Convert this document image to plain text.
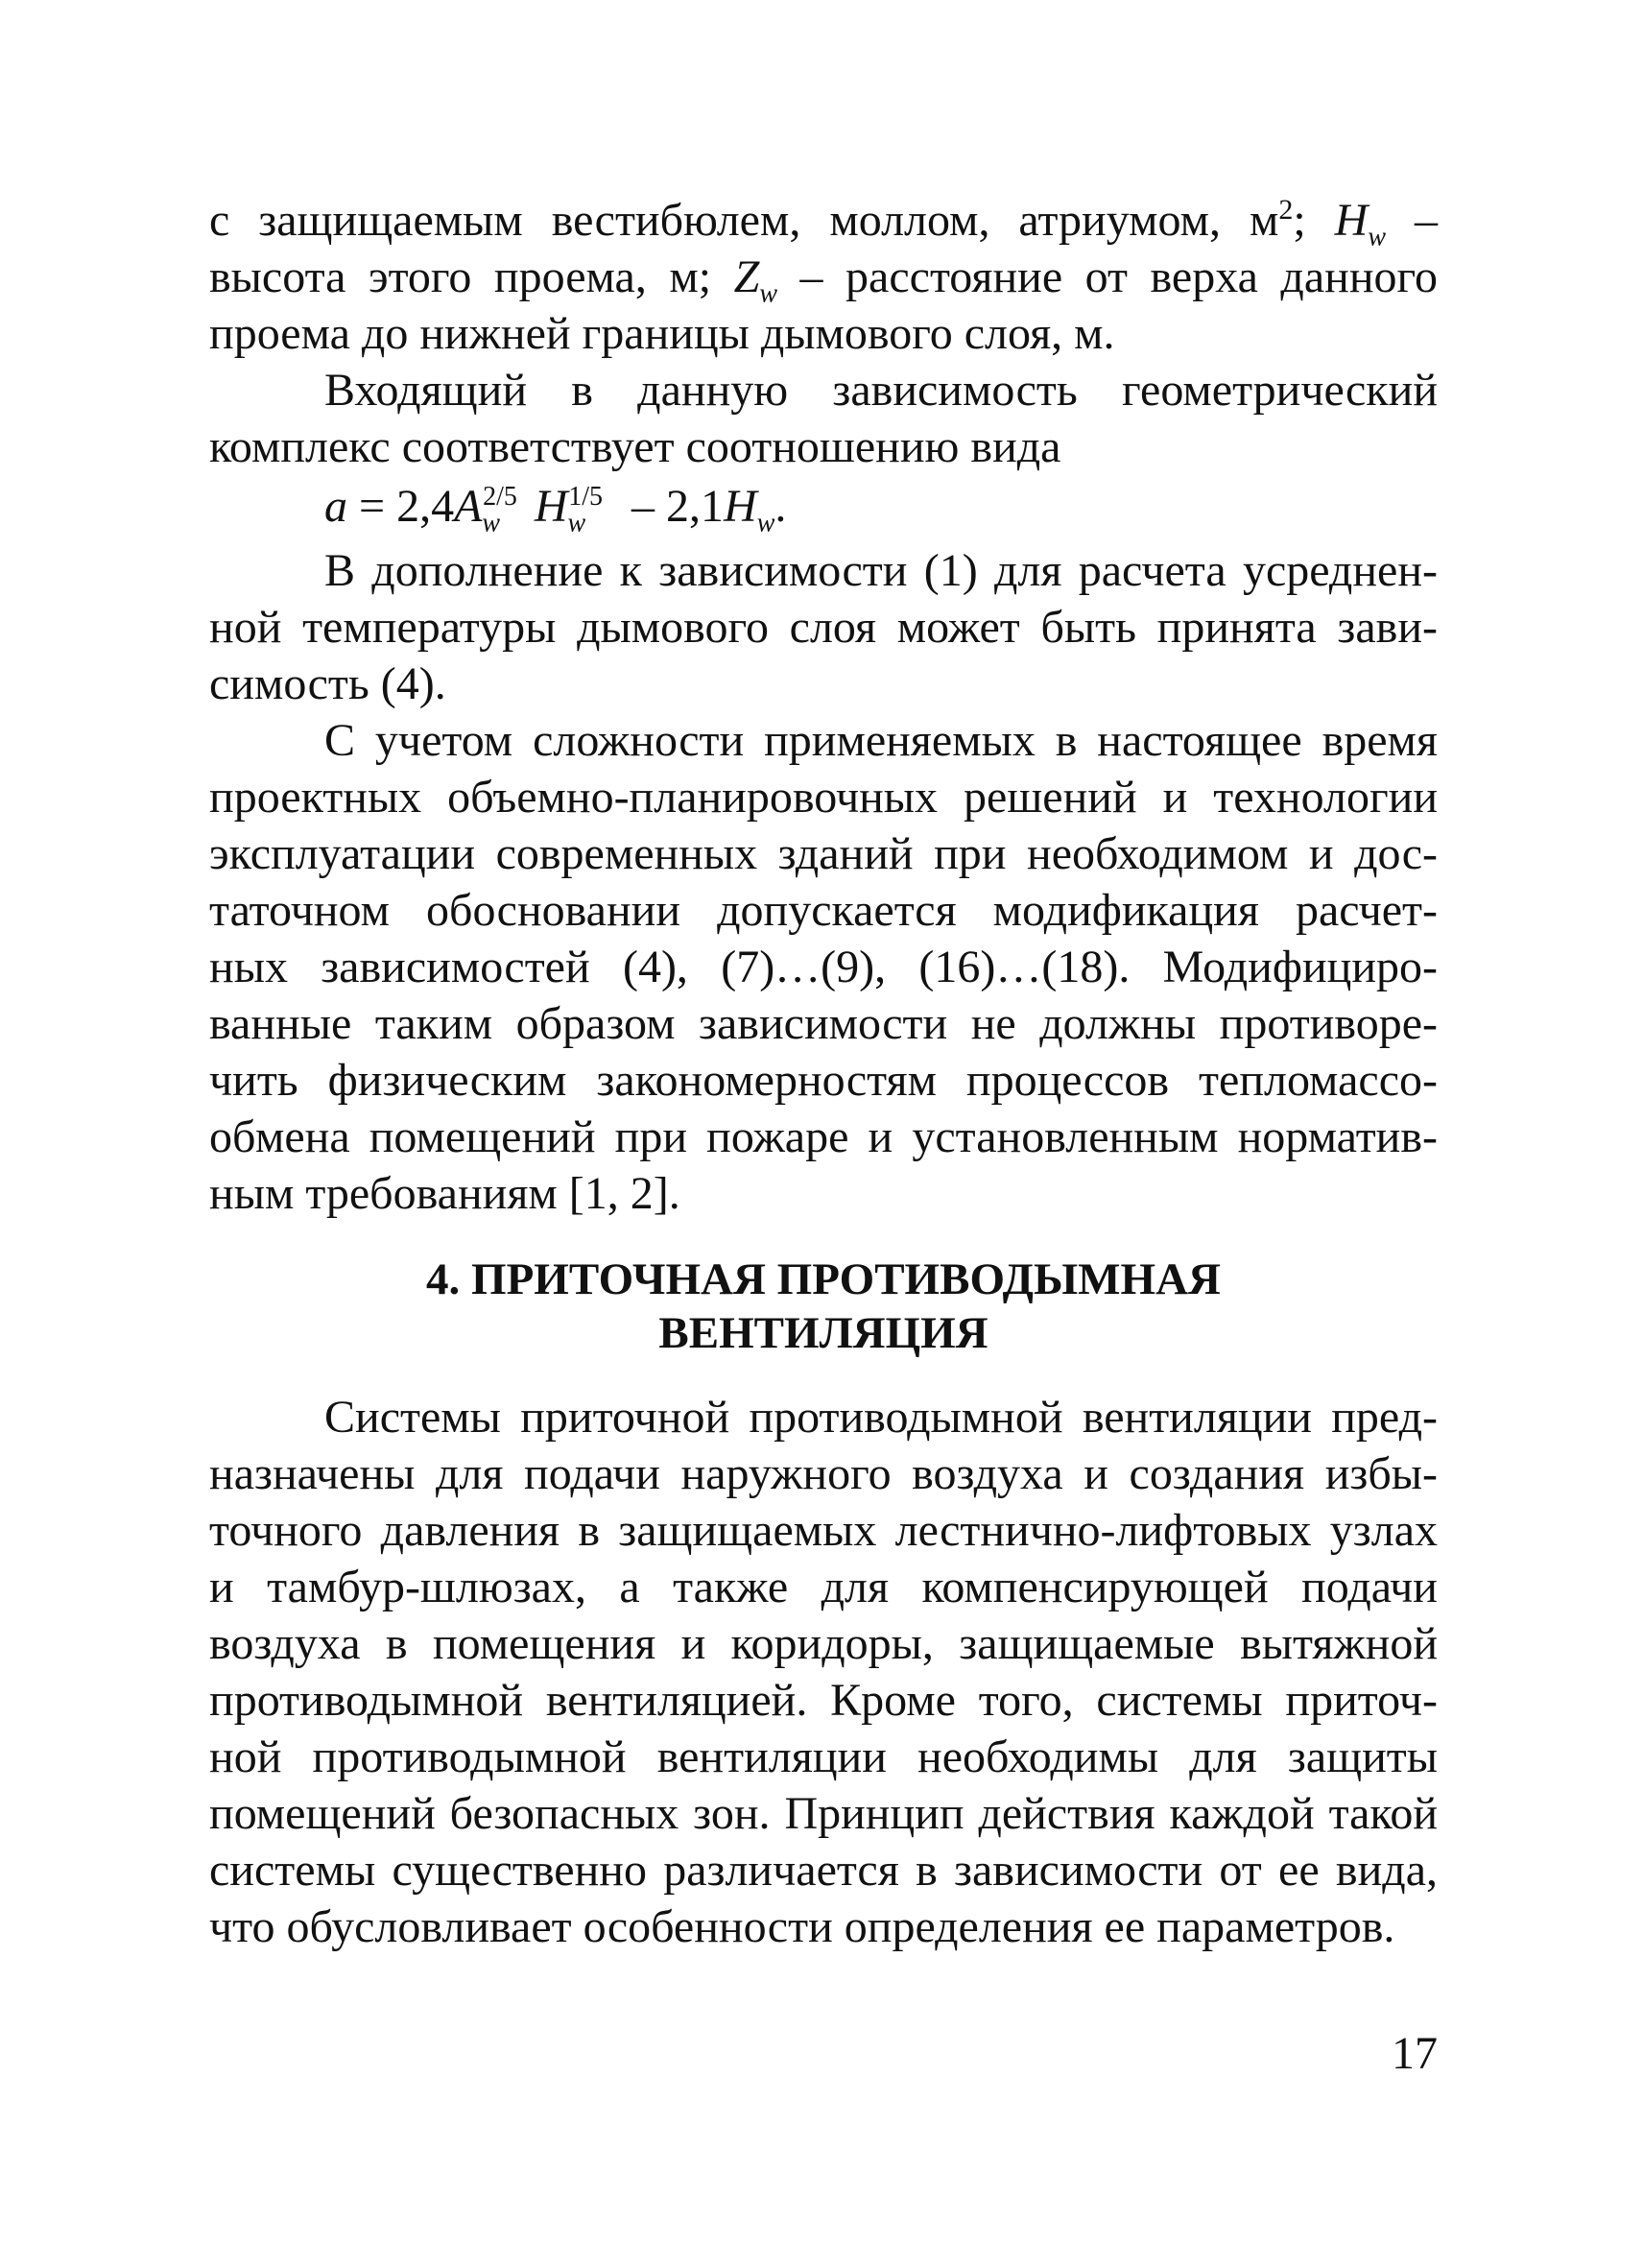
с защищаемым вестибюлем, моллом, атриумом, $м^2$; $H_w$ –
высота этого проема, м; $Z_w$ – расстояние от верха данного
проема до нижней границы дымового слоя, м.
Входящий в данную зависимость геометрический
комплекс соответствует соотношению вида
$a = 2,4A_w^{2/5}$ $H_w^{1/5} - 2,1H_w$.
В дополнение к зависимости (1) для расчета усреднен-
ной температуры дымового слоя может быть принята зави-
симость (4).
С учетом сложности применяемых в настоящее время
проектных объемно-планировочных решений и технологии
эксплуатации современных зданий при необходимом и дос-
таточном обосновании допускается модификация расчет-
ных зависимостей (4), (7)…(9), (16)…(18). Модифициро-
ванные таким образом зависимости не должны противоре-
чить физическим закономерностям процессов тепломассо-
обмена помещений при пожаре и установленным норматив-
ным требованиям [1, 2].
4. ПРИТОЧНАЯ ПРОТИВОДЫМНАЯ
ВЕНТИЛЯЦИЯ
Системы приточной противодымной вентиляции пред-
назначены для подачи наружного воздуха и создания избы-
точного давления в защищаемых лестнично-лифтовых узлах
и тамбур-шлюзах, а также для компенсирующей подачи
воздуха в помещения и коридоры, защищаемые вытяжной
противодымной вентиляцией. Кроме того, системы приточ-
ной противодымной вентиляции необходимы для защиты
помещений безопасных зон. Принцип действия каждой такой
системы существенно различается в зависимости от ее вида,
что обусловливает особенности определения ее параметров.
17
